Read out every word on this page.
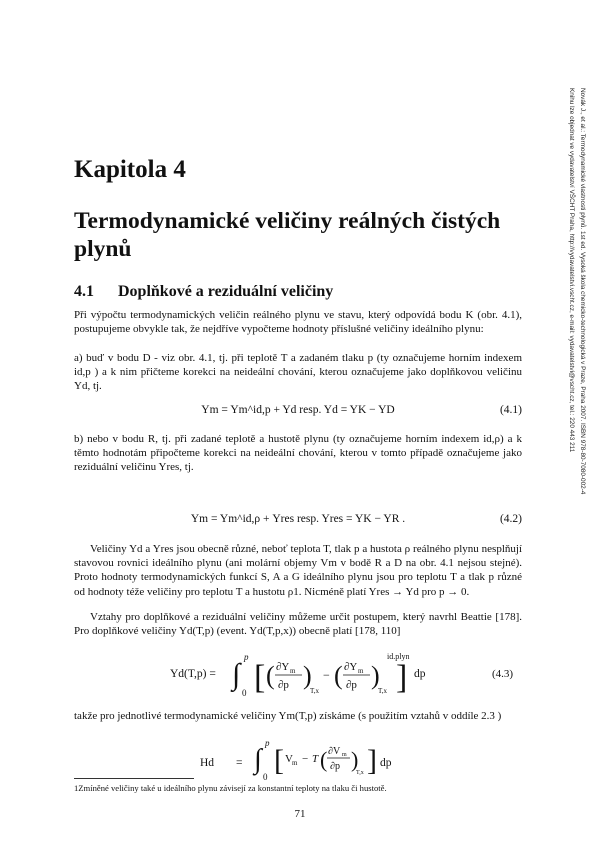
Novák J., et al.: Termodynamické vlastnosti plynů. 1st ed. Vysoká škola chemicko-technologická v Praze, Praha 2007. ISBN 978-80-7080-002-4
Knihu lze objednat ve vydavatelství VŠCHT Praha, http://vydavatelstvi.vscht.cz, e-mail: vydavatelstvi@vscht.cz, tel.: 220 443 211
Kapitola 4
Termodynamické veličiny reálných čistých plynů
4.1 Doplňkové a reziduální veličiny
Při výpočtu termodynamických veličin reálného plynu ve stavu, který odpovídá bodu K (obr. 4.1), postupujeme obvykle tak, že nejdříve vypočteme hodnoty příslušné veličiny ideálního plynu:
a) buď v bodu D - viz obr. 4.1, tj. při teplotě T a zadaném tlaku p (ty označujeme horním indexem id,p ) a k nim přičteme korekci na neideální chování, kterou označujeme jako doplňkovou veličinu Yd, tj.
Ym = Ym^id,p + Yd resp. Yd = YK − YD	(4.1)
b) nebo v bodu R, tj. při zadané teplotě a hustotě plynu (ty označujeme horním indexem id,ρ) a k těmto hodnotám připočteme korekci na neideální chování, kterou v tomto případě označujeme jako reziduální veličinu Yres, tj.
Ym = Ym^id,ρ + Yres resp. Yres = YK − YR .	(4.2)
Veličiny Yd a Yres jsou obecně různé, neboť teplota T, tlak p a hustota ρ reálného plynu nesplňují stavovou rovnici ideálního plynu (ani molární objemy Vm v bodě R a D na obr. 4.1 nejsou stejné). Proto hodnoty termodynamických funkcí S, A a G ideálního plynu jsou pro teplotu T a tlak p různé od hodnoty téže veličiny pro teplotu T a hustotu ρ1. Nicméně platí Yres → Yd pro p → 0.
Vztahy pro doplňkové a reziduální veličiny můžeme určit postupem, který navrhl Beattie [178]. Pro doplňkové veličiny Yd(T,p) (event. Yd(T,p,x)) obecně platí [178, 110]
Yd(T,p) = ∫
p
0 [ ( ∂Y m
∂p )
T,x
− ( ∂Y m
∂p )
T,x ]
id.plyn
dp	(4.3)
takže pro jednotlivé termodynamické veličiny Ym(T,p) získáme (s použitím vztahů v oddíle 2.3 )
Hd = ∫
p
0 [ V m − T ( ∂V m
∂p )
T,x ] dp
1Zmíněné veličiny také u ideálního plynu závisejí za konstantní teploty na tlaku či hustotě.
71
